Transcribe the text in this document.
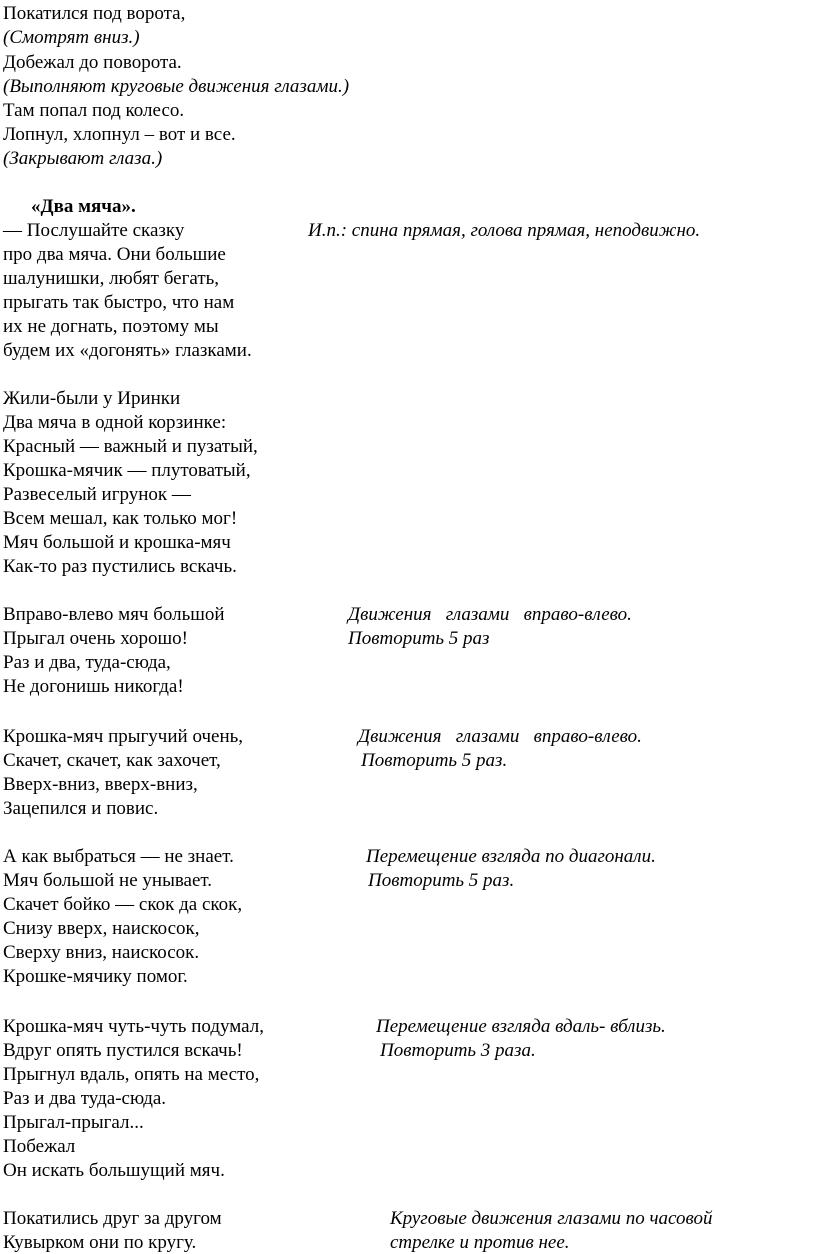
Покатился под ворота,
(Смотрят вниз.)
Добежал до поворота.
(Выполняют круговые движения глазами.)
Там попал под колесо.
Лопнул, хлопнул – вот и все.
(Закрывают глаза.)
«Два мяча».
— Послушайте сказку	И.п.: спина прямая, голова прямая, неподвижно.
про два мяча. Они большие
шалунишки, любят бегать,
прыгать так быстро, что нам
их не догнать, поэтому мы
будем их «догонять» глазками.
Жили-были у Иринки
Два мяча в одной корзинке:
Красный — важный и пузатый,
Крошка-мячик — плутоватый,
Развеселый игрунок —
Всем мешал, как только мог!
Мяч большой и крошка-мяч
Как-то раз пустились вскачь.
Вправо-влево мяч большой
Прыгал очень хорошо!
Раз и два, туда-сюда,
Не догонишь никогда!
Движения   глазами   вправо-влево.
Повторить 5 раз
Крошка-мяч прыгучий очень,
Скачет, скачет, как захочет,
Вверх-вниз, вверх-вниз,
Зацепился и повис.
Движения   глазами   вправо-влево.
Повторить 5 раз.
А как выбраться — не знает.
Мяч большой не унывает.
Скачет бойко — скок да скок,
Снизу вверх, наискосок,
Сверху вниз, наискосок.
Крошке-мячику помог.
Перемещение взгляда по диагонали.
Повторить 5 раз.
Крошка-мяч чуть-чуть подумал,
Вдруг опять пустился вскачь!
Прыгнул вдаль, опять на место,
Раз и два туда-сюда.
Прыгал-прыгал...
Побежал
Он искать большущий мяч.
Перемещение взгляда вдаль- вблизь.
Повторить 3 раза.
Покатились друг за другом
Кувырком они по кругу.
Круговые движения глазами по часовой
стрелке и против нее.
